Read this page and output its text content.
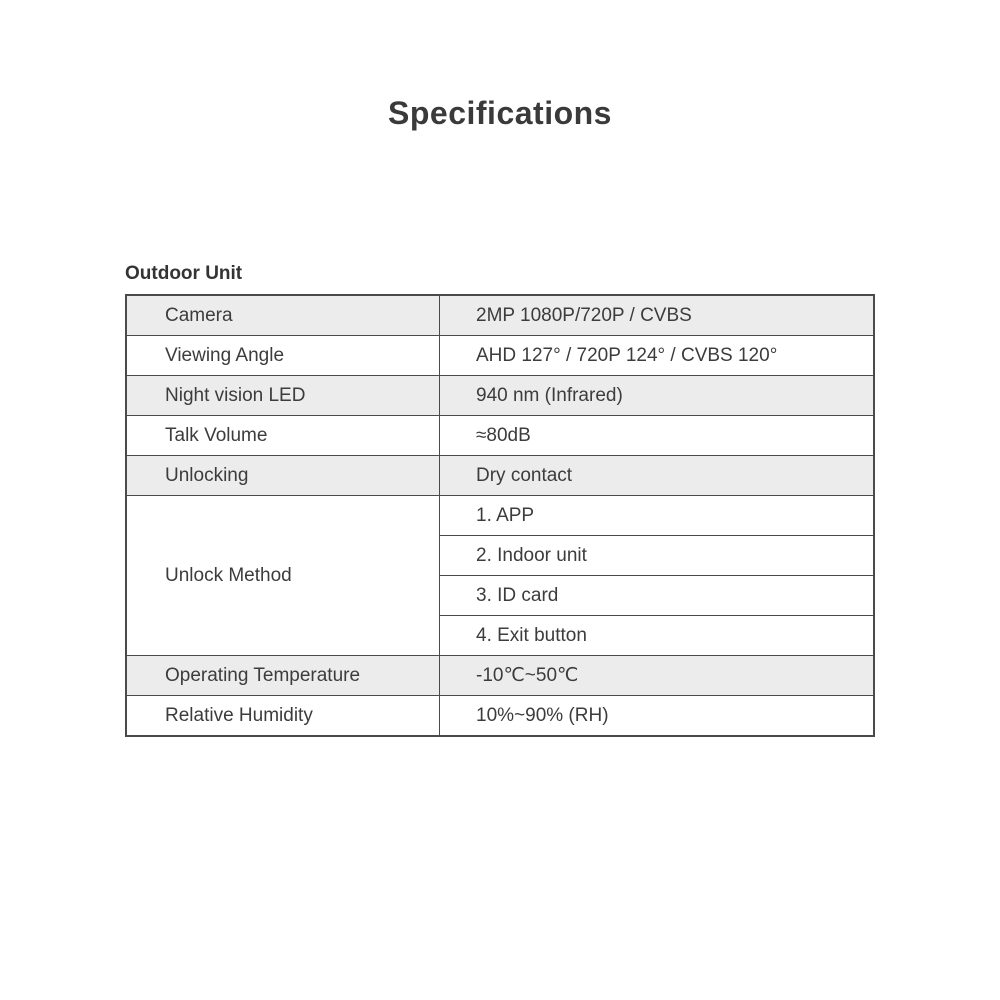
Specifications
Outdoor Unit
Camera	2MP 1080P/720P / CVBS
Viewing Angle	AHD 127° / 720P 124° / CVBS 120°
Night vision LED	940 nm (Infrared)
Talk Volume	≈80dB
Unlocking	Dry contact
Unlock Method	1. APP
	2. Indoor unit
	3. ID card
	4. Exit button
Operating Temperature	-10℃~50℃
Relative Humidity	10%~90% (RH)
